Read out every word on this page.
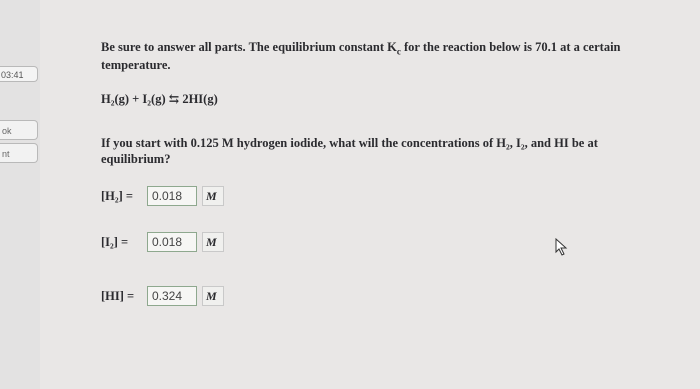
03:41
ok
nt
Be sure to answer all parts. The equilibrium constant $K_c$ for the reaction below is 70.1 at a certain
temperature.
H₂(g) + I₂(g) ⇆ 2HI(g)
If you start with 0.125 M hydrogen iodide, what will the concentrations of H₂, I₂, and HI be at
equilibrium?
[H₂] =	0.018	M
[I₂] =	0.018	M
[HI] =	0.324	M
